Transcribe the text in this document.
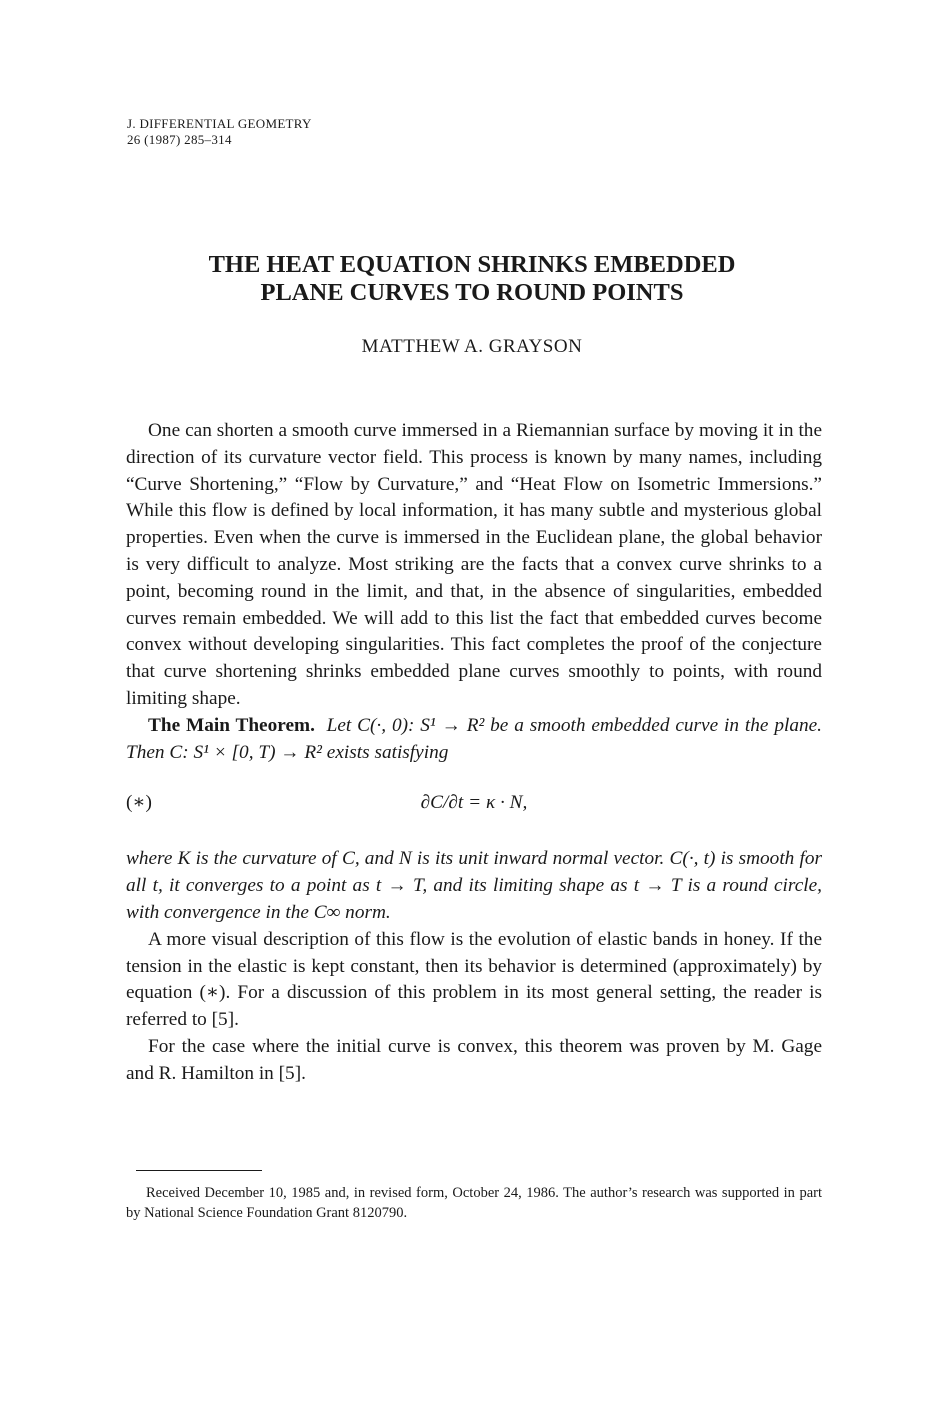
J. DIFFERENTIAL GEOMETRY
26 (1987) 285–314
THE HEAT EQUATION SHRINKS EMBEDDED
PLANE CURVES TO ROUND POINTS
MATTHEW A. GRAYSON

One can shorten a smooth curve immersed in a Riemannian surface by moving it in the direction of its curvature vector field. This process is known by many names, including “Curve Shortening,” “Flow by Curvature,” and “Heat Flow on Isometric Immersions.” While this flow is defined by local information, it has many subtle and mysterious global properties. Even when the curve is immersed in the Euclidean plane, the global behavior is very difficult to analyze. Most striking are the facts that a convex curve shrinks to a point, becoming round in the limit, and that, in the absence of singularities, embedded curves remain embedded. We will add to this list the fact that embedded curves become convex without developing singularities. This fact completes the proof of the conjecture that curve shortening shrinks embedded plane curves smoothly to points, with round limiting shape.

The Main Theorem. Let C(·, 0): S¹ → R² be a smooth embedded curve in the plane. Then C: S¹ × [0, T) → R² exists satisfying

(∗)	∂C/∂t = κ · N,

where K is the curvature of C, and N is its unit inward normal vector. C(·, t) is smooth for all t, it converges to a point as t → T, and its limiting shape as t → T is a round circle, with convergence in the C∞ norm.

A more visual description of this flow is the evolution of elastic bands in honey. If the tension in the elastic is kept constant, then its behavior is determined (approximately) by equation (∗). For a discussion of this problem in its most general setting, the reader is referred to [5].

For the case where the initial curve is convex, this theorem was proven by M. Gage and R. Hamilton in [5].

Received December 10, 1985 and, in revised form, October 24, 1986. The author’s research was supported in part by National Science Foundation Grant 8120790.
